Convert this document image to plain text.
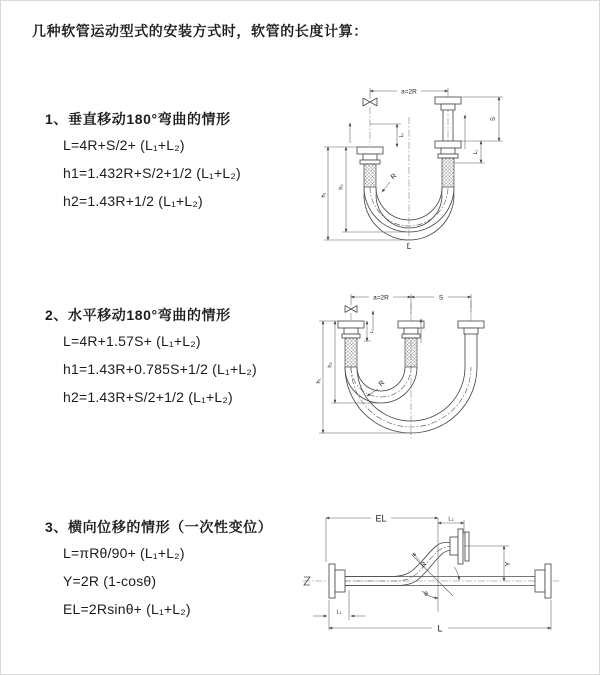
几种软管运动型式的安装方式时，软管的长度计算：
1、垂直移动180°弯曲的情形
L=4R+S/2+ (L₁+L₂)
h1=1.432R+S/2+1/2 (L₁+L₂)
h2=1.43R+1/2 (L₁+L₂)
a=2R
h₂
h₁
L₁
S
L₂
R
L
2、水平移动180°弯曲的情形
L=4R+1.57S+ (L₁+L₂)
h1=1.43R+0.785S+1/2 (L₁+L₂)
h2=1.43R+S/2+1/2 (L₁+L₂)
a=2R	S
h₂
h₁
L₁
R
3、横向位移的情形（一次性变位）
L=πRθ/90+ (L₁+L₂)
Y=2R (1-cosθ)
EL=2Rsinθ+ (L₁+L₂)
EL	L₂
Y
L
L₁
θ
R
